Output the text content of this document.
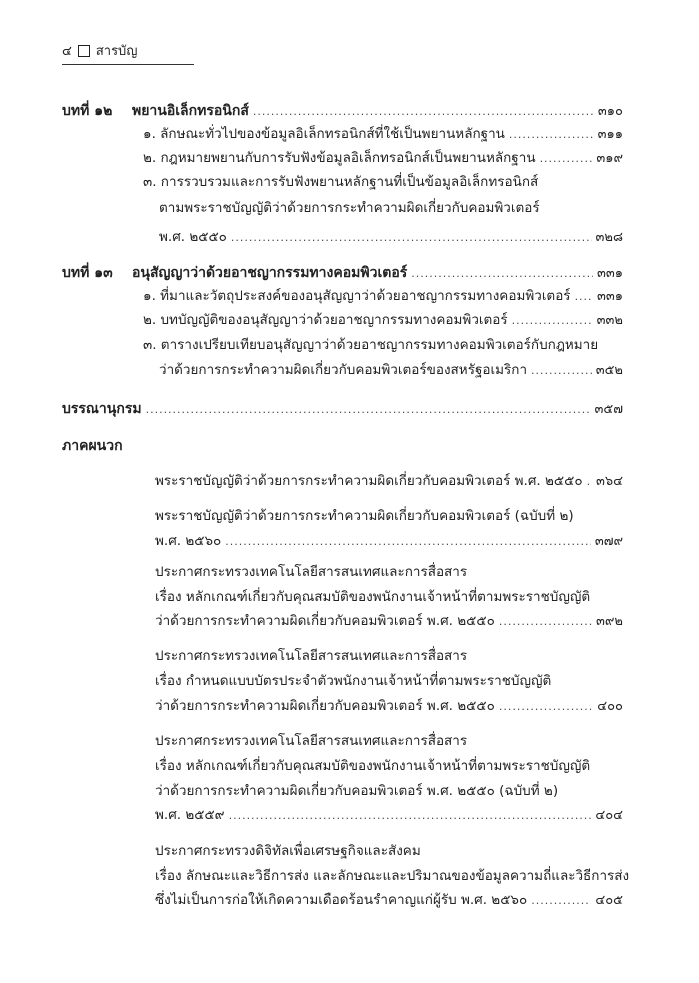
๔ สารบัญ
บทที่ ๑๒ พยานอิเล็กทรอนิกส์ .....	๓๑๐
๑. ลักษณะทั่วไปของข้อมูลอิเล็กทรอนิกส์ที่ใช้เป็นพยานหลักฐาน .....	๓๑๑
๒. กฎหมายพยานกับการรับฟังข้อมูลอิเล็กทรอนิกส์เป็นพยานหลักฐาน .....	๓๑๙
๓. การรวบรวมและการรับฟังพยานหลักฐานที่เป็นข้อมูลอิเล็กทรอนิกส์
ตามพระราชบัญญัติว่าด้วยการกระทำความผิดเกี่ยวกับคอมพิวเตอร์
พ.ศ. ๒๕๕๐ .....	๓๒๘
บทที่ ๑๓ อนุสัญญาว่าด้วยอาชญากรรมทางคอมพิวเตอร์ .....	๓๓๑
๑. ที่มาและวัตถุประสงค์ของอนุสัญญาว่าด้วยอาชญากรรมทางคอมพิวเตอร์ ..... ๓๓๑
๒. บทบัญญัติของอนุสัญญาว่าด้วยอาชญากรรมทางคอมพิวเตอร์ .....	๓๓๒
๓. ตารางเปรียบเทียบอนุสัญญาว่าด้วยอาชญากรรมทางคอมพิวเตอร์กับกฎหมาย
ว่าด้วยการกระทำความผิดเกี่ยวกับคอมพิวเตอร์ของสหรัฐอเมริกา .....	๓๕๒
บรรณานุกรม .....	๓๕๗
ภาคผนวก
พระราชบัญญัติว่าด้วยการกระทำความผิดเกี่ยวกับคอมพิวเตอร์ พ.ศ. ๒๕๕๐ ..... ๓๖๔
พระราชบัญญัติว่าด้วยการกระทำความผิดเกี่ยวกับคอมพิวเตอร์ (ฉบับที่ ๒)
พ.ศ. ๒๕๖๐ .....	๓๗๙
ประกาศกระทรวงเทคโนโลยีสารสนเทศและการสื่อสาร
เรื่อง หลักเกณฑ์เกี่ยวกับคุณสมบัติของพนักงานเจ้าหน้าที่ตามพระราชบัญญัติ
ว่าด้วยการกระทำความผิดเกี่ยวกับคอมพิวเตอร์ พ.ศ. ๒๕๕๐ .....	๓๙๒
ประกาศกระทรวงเทคโนโลยีสารสนเทศและการสื่อสาร
เรื่อง กำหนดแบบบัตรประจำตัวพนักงานเจ้าหน้าที่ตามพระราชบัญญัติ
ว่าด้วยการกระทำความผิดเกี่ยวกับคอมพิวเตอร์ พ.ศ. ๒๕๕๐ .....	๔๐๐
ประกาศกระทรวงเทคโนโลยีสารสนเทศและการสื่อสาร
เรื่อง หลักเกณฑ์เกี่ยวกับคุณสมบัติของพนักงานเจ้าหน้าที่ตามพระราชบัญญัติ
ว่าด้วยการกระทำความผิดเกี่ยวกับคอมพิวเตอร์ พ.ศ. ๒๕๕๐ (ฉบับที่ ๒)
พ.ศ. ๒๕๕๙ .....	๔๐๔
ประกาศกระทรวงดิจิทัลเพื่อเศรษฐกิจและสังคม
เรื่อง ลักษณะและวิธีการส่ง และลักษณะและปริมาณของข้อมูลความถี่และวิธีการส่ง
ซึ่งไม่เป็นการก่อให้เกิดความเดือดร้อนรำคาญแก่ผู้รับ พ.ศ. ๒๕๖๐ .....	๔๐๕
